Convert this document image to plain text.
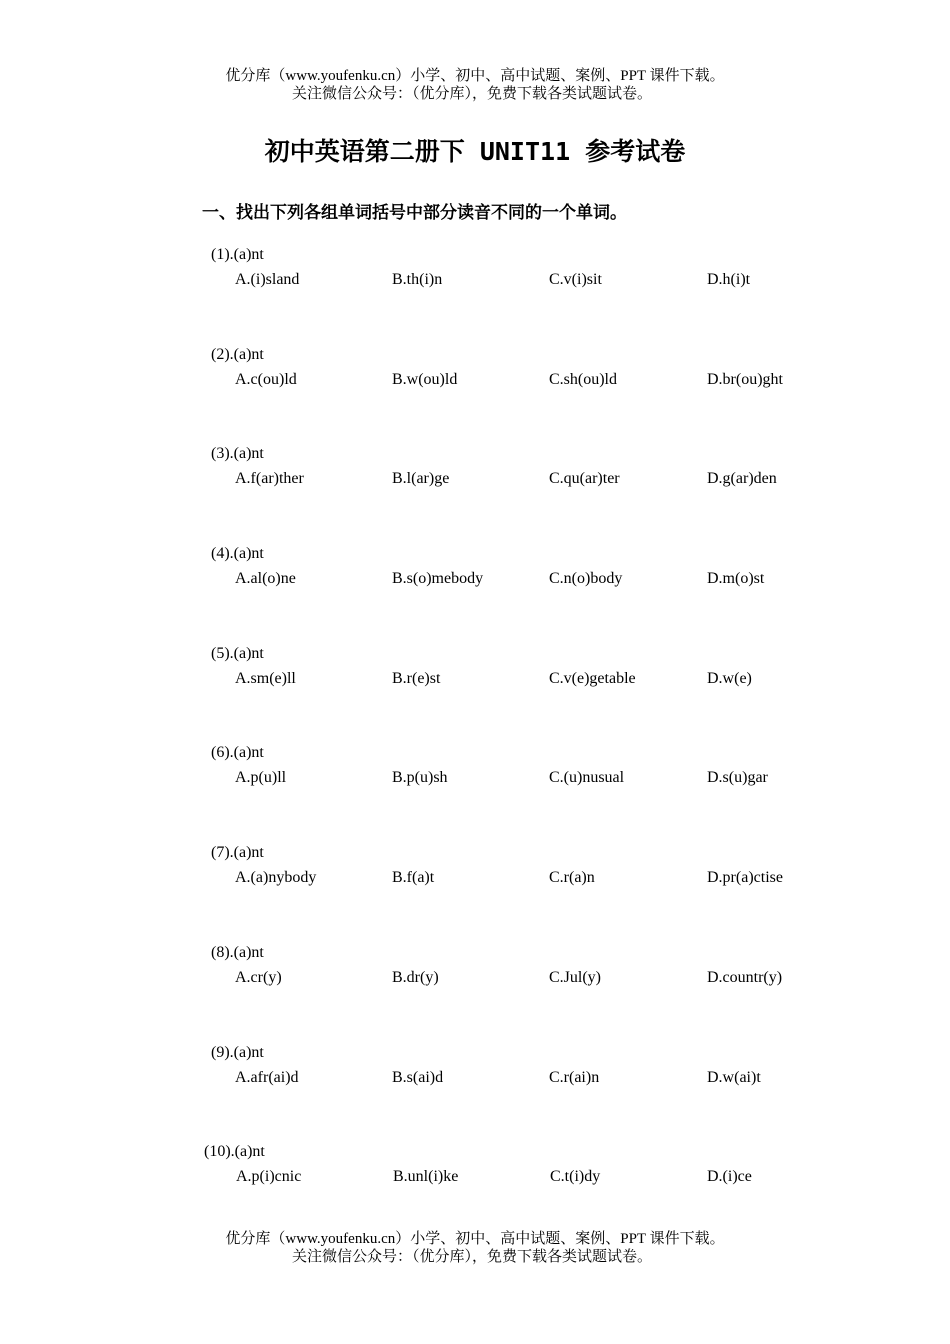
优分库（www.youfenku.cn）小学、初中、高中试题、案例、PPT 课件下载。
关注微信公众号：（优分库），免费下载各类试题试卷。
初中英语第二册下 UNIT11 参考试卷
一、找出下列各组单词括号中部分读音不同的一个单词。
(1).(a)nt
A.(i)sland	B.th(i)n	C.v(i)sit	D.h(i)t
(2).(a)nt
A.c(ou)ld	B.w(ou)ld	C.sh(ou)ld	D.br(ou)ght
(3).(a)nt
A.f(ar)ther	B.l(ar)ge	C.qu(ar)ter	D.g(ar)den
(4).(a)nt
A.al(o)ne	B.s(o)mebody	C.n(o)body	D.m(o)st
(5).(a)nt
A.sm(e)ll	B.r(e)st	C.v(e)getable	D.w(e)
(6).(a)nt
A.p(u)ll	B.p(u)sh	C.(u)nusual	D.s(u)gar
(7).(a)nt
A.(a)nybody	B.f(a)t	C.r(a)n	D.pr(a)ctise
(8).(a)nt
A.cr(y)	B.dr(y)	C.Jul(y)	D.countr(y)
(9).(a)nt
A.afr(ai)d	B.s(ai)d	C.r(ai)n	D.w(ai)t
(10).(a)nt
A.p(i)cnic	B.unl(i)ke	C.t(i)dy	D.(i)ce
优分库（www.youfenku.cn）小学、初中、高中试题、案例、PPT 课件下载。
关注微信公众号：（优分库），免费下载各类试题试卷。
